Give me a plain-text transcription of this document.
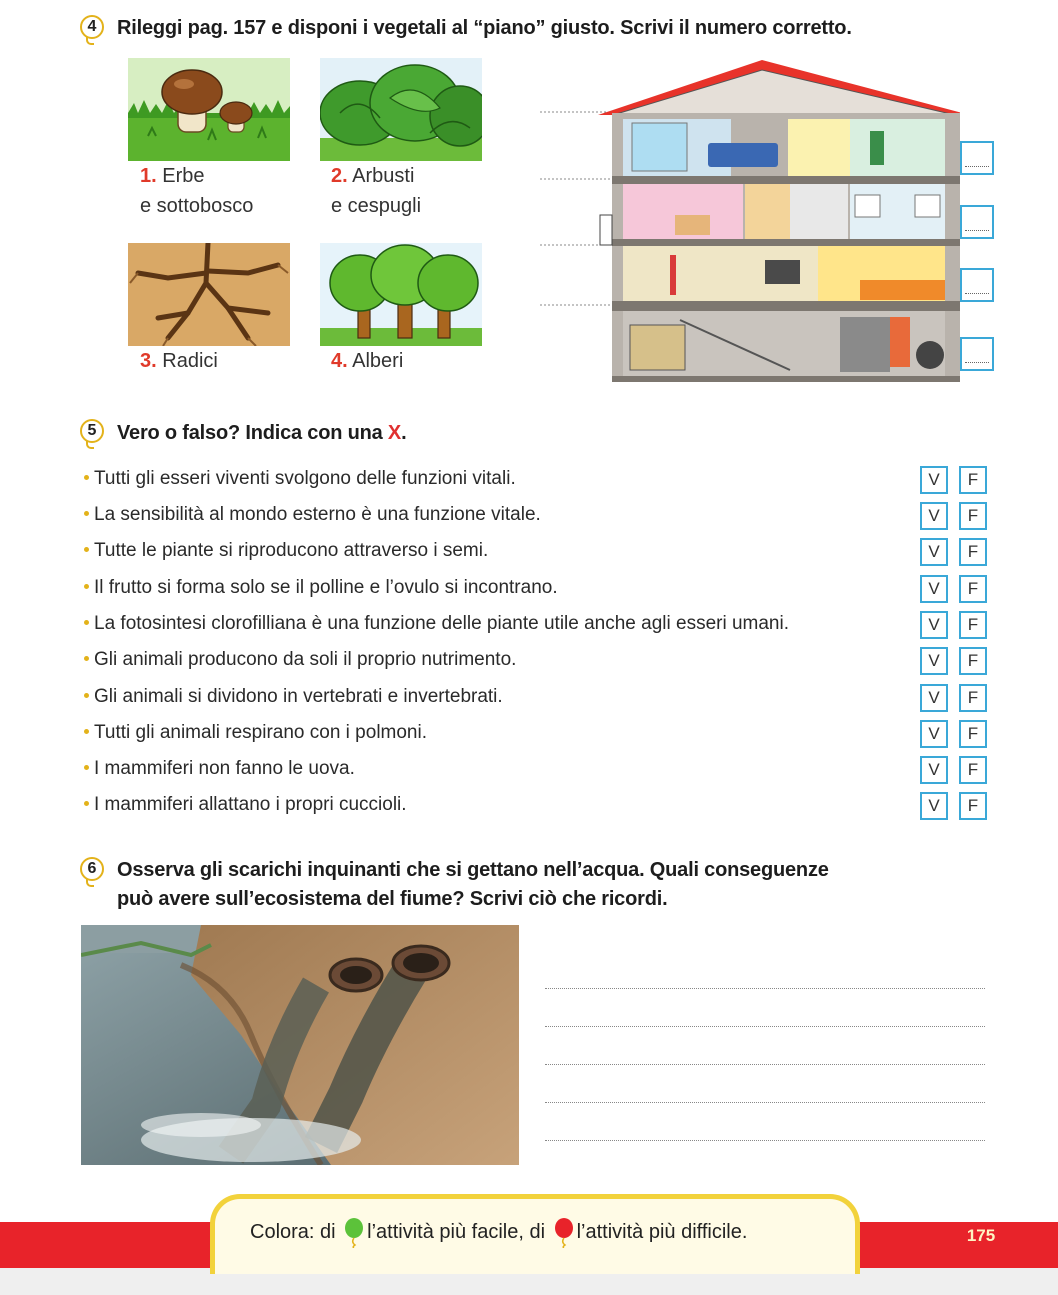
4	Rileggi pag. 157 e disponi i vegetali al “piano” giusto. Scrivi il numero corretto.
1. Erbe
e sottobosco
2. Arbusti
e cespugli
3. Radici	4. Alberi
5	Vero o falso? Indica con una X.
Tutti gli esseri viventi svolgono delle funzioni vitali.	V	F
La sensibilità al mondo esterno è una funzione vitale.	V	F
Tutte le piante si riproducono attraverso i semi.	V	F
Il frutto si forma solo se il polline e l’ovulo si incontrano.	V	F
La fotosintesi clorofilliana è una funzione delle piante utile anche agli esseri umani.	V	F
Gli animali producono da soli il proprio nutrimento.	V	F
Gli animali si dividono in vertebrati e invertebrati.	V	F
Tutti gli animali respirano con i polmoni.	V	F
I mammiferi non fanno le uova.	V	F
I mammiferi allattano i propri cuccioli.	V	F
6	Osserva gli scarichi inquinanti che si gettano nell’acqua. Quali conseguenze
può avere sull’ecosistema del fiume? Scrivi ciò che ricordi.
Colora: di l’attività più facile, di l’attività più difficile.	175
